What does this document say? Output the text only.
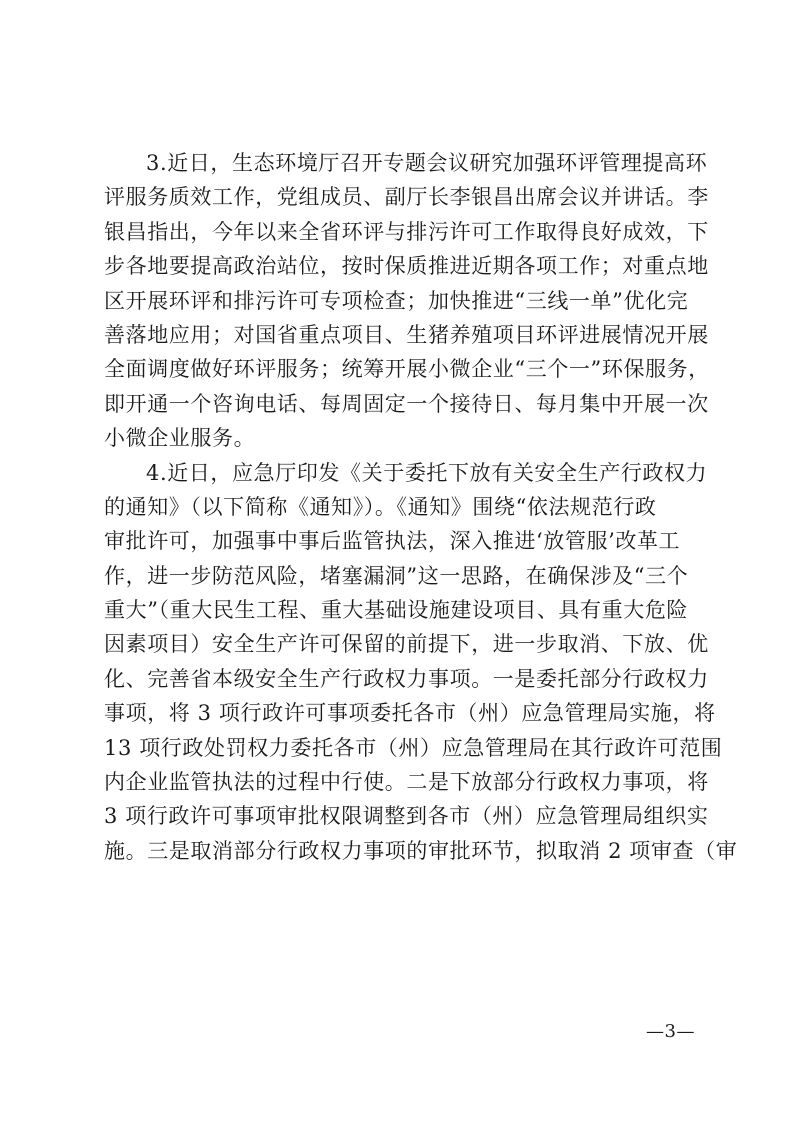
3.近日，生态环境厅召开专题会议研究加强环评管理提高环
评服务质效工作，党组成员、副厅长李银昌出席会议并讲话。李
银昌指出，今年以来全省环评与排污许可工作取得良好成效，下
步各地要提高政治站位，按时保质推进近期各项工作；对重点地
区开展环评和排污许可专项检查；加快推进“三线一单”优化完
善落地应用；对国省重点项目、生猪养殖项目环评进展情况开展
全面调度做好环评服务；统筹开展小微企业“三个一”环保服务，
即开通一个咨询电话、每周固定一个接待日、每月集中开展一次
小微企业服务。
4.近日，应急厅印发《关于委托下放有关安全生产行政权力
的通知》（以下简称《通知》）。《通知》围绕“依法规范行政
审批许可，加强事中事后监管执法，深入推进‘放管服’改革工
作，进一步防范风险，堵塞漏洞”这一思路，在确保涉及“三个
重大”（重大民生工程、重大基础设施建设项目、具有重大危险
因素项目）安全生产许可保留的前提下，进一步取消、下放、优
化、完善省本级安全生产行政权力事项。一是委托部分行政权力
事项，将 3 项行政许可事项委托各市（州）应急管理局实施，将
13 项行政处罚权力委托各市（州）应急管理局在其行政许可范围
内企业监管执法的过程中行使。二是下放部分行政权力事项，将
3 项行政许可事项审批权限调整到各市（州）应急管理局组织实
施。三是取消部分行政权力事项的审批环节，拟取消 2 项审查（审
—3—
